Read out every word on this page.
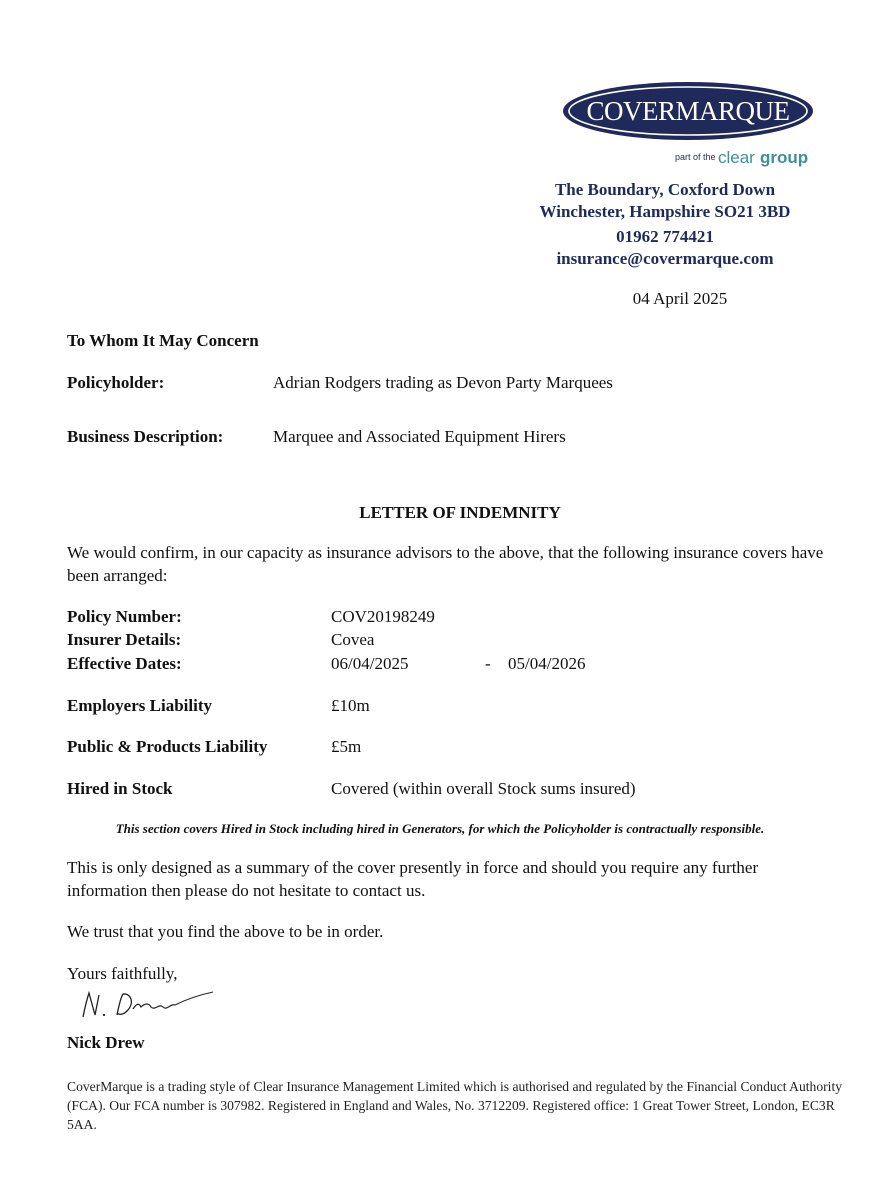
COVERMARQUE
part of the clear group
The Boundary, Coxford Down
Winchester, Hampshire SO21 3BD
01962 774421
insurance@covermarque.com
04 April 2025
To Whom It May Concern
Policyholder:	Adrian Rodgers trading as Devon Party Marquees
Business Description:	Marquee and Associated Equipment Hirers
LETTER OF INDEMNITY
We would confirm, in our capacity as insurance advisors to the above, that the following insurance covers have been arranged:
Policy Number:	COV20198249
Insurer Details:	Covea
Effective Dates:	06/04/2025	- 05/04/2026
Employers Liability	£10m
Public & Products Liability	£5m
Hired in Stock	Covered (within overall Stock sums insured)
This section covers Hired in Stock including hired in Generators, for which the Policyholder is contractually responsible.
This is only designed as a summary of the cover presently in force and should you require any further information then please do not hesitate to contact us.
We trust that you find the above to be in order.
Yours faithfully,
Nick Drew
CoverMarque is a trading style of Clear Insurance Management Limited which is authorised and regulated by the Financial Conduct Authority (FCA). Our FCA number is 307982. Registered in England and Wales, No. 3712209. Registered office: 1 Great Tower Street, London, EC3R 5AA.
